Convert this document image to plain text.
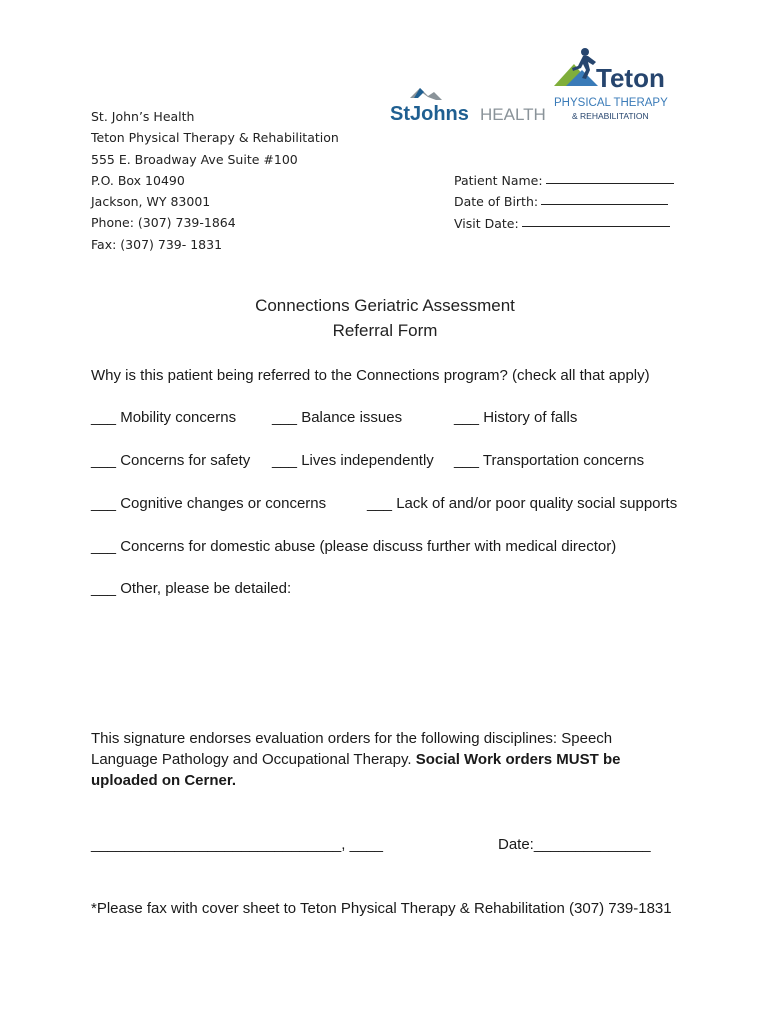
St. John’s Health
Teton Physical Therapy & Rehabilitation
555 E. Broadway Ave Suite #100
P.O. Box 10490
Jackson, WY 83001
Phone: (307) 739-1864
Fax: (307) 739- 1831
StJohns HEALTH
Teton
PHYSICAL THERAPY
& REHABILITATION
Patient Name:
Date of Birth:
Visit Date:
Connections Geriatric Assessment
Referral Form
Why is this patient being referred to the Connections program? (check all that apply)
___ Mobility concerns ___ Balance issues	___ History of falls
___ Concerns for safety ___ Lives independently ___ Transportation concerns
___ Cognitive changes or concerns	___ Lack of and/or poor quality social supports
___ Concerns for domestic abuse (please discuss further with medical director)
___ Other, please be detailed:
This signature endorses evaluation orders for the following disciplines: Speech Language Pathology and Occupational Therapy. Social Work orders MUST be uploaded on Cerner.
______________________________, ____	Date:______________
*Please fax with cover sheet to Teton Physical Therapy & Rehabilitation (307) 739-1831
